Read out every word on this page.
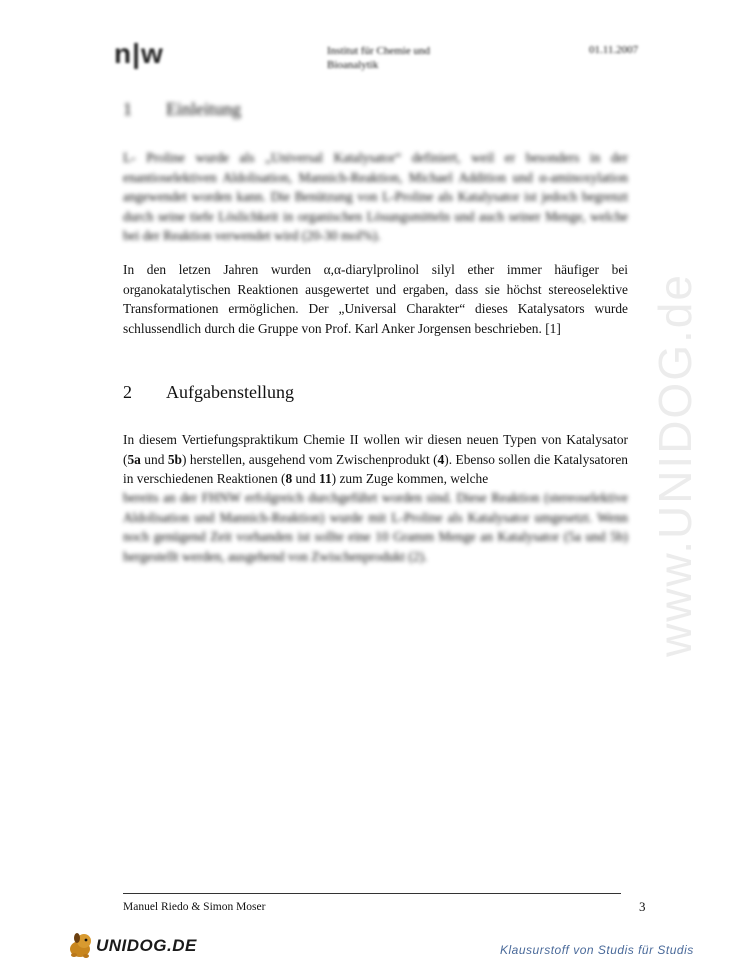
n|w	Institut für Chemie und Bioanalytik
01.11.2007
1 Einleitung

L- Proline wurde als „Universal Katalysator“ definiert, weil er besonders in der enantioselektiven Aldolisation, Mannich-Reaktion, Michael Addition und α-aminoxylation angewendet worden kann. Die Benützung von L-Proline als Katalysator ist jedoch begrenzt durch seine tiefe Löslichkeit in organischen Lösungsmitteln und auch seiner Menge, welche bei der Reaktion verwendet wird (20-30 mol%).

In den letzen Jahren wurden α,α-diarylprolinol silyl ether immer häufiger bei organokatalytischen Reaktionen ausgewertet und ergaben, dass sie höchst stereoselektive Transformationen ermöglichen. Der „Universal Charakter“ dieses Katalysators wurde schlussendlich durch die Gruppe von Prof. Karl Anker Jorgensen beschrieben. [1]

2 Aufgabenstellung

In diesem Vertiefungspraktikum Chemie II wollen wir diesen neuen Typen von Katalysator (5a und 5b) herstellen, ausgehend vom Zwischenprodukt (4). Ebenso sollen die Katalysatoren in verschiedenen Reaktionen (8 und 11) zum Zuge kommen, welche

bereits an der FHNW erfolgreich durchgeführt worden sind. Diese Reaktion (stereoselektive Aldolisation und Mannich-Reaktion) wurde mit L-Proline als Katalysator umgesetzt. Wenn noch genügend Zeit vorhanden ist sollte eine 10 Gramm Menge an Katalysator (5a und 5b) hergestellt werden, ausgehend von Zwischenprodukt (2).	www.UNIDOG.de
Manuel Riedo & Simon Moser	3
UNIDOG.DE	Klausurstoff von Studis für Studis
